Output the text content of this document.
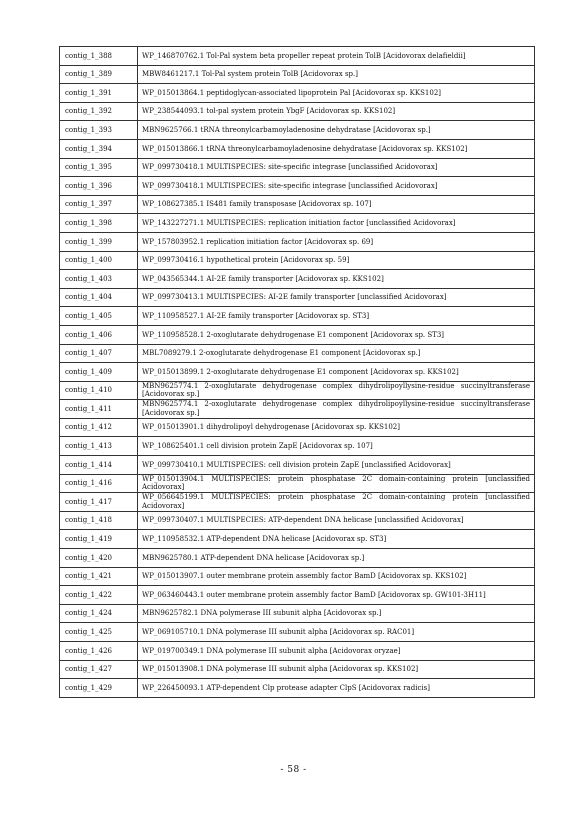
contig_1_388	WP_146870762.1 Tol-Pal system beta propeller repeat protein TolB [Acidovorax delafieldii]
contig_1_389	MBW8461217.1 Tol-Pal system protein TolB [Acidovorax sp.]
contig_1_391	WP_015013864.1 peptidoglycan-associated lipoprotein Pal [Acidovorax sp. KKS102]
contig_1_392	WP_238544093.1 tol-pal system protein YbgF [Acidovorax sp. KKS102]
contig_1_393	MBN9625766.1 tRNA threonylcarbamoyladenosine dehydratase [Acidovorax sp.]
contig_1_394	WP_015013866.1 tRNA threonylcarbamoyladenosine dehydratase [Acidovorax sp. KKS102]
contig_1_395	WP_099730418.1 MULTISPECIES: site-specific integrase [unclassified Acidovorax]
contig_1_396	WP_099730418.1 MULTISPECIES: site-specific integrase [unclassified Acidovorax]
contig_1_397	WP_108627385.1 IS481 family transposase [Acidovorax sp. 107]
contig_1_398	WP_143227271.1 MULTISPECIES: replication initiation factor [unclassified Acidovorax]
contig_1_399	WP_157803952.1 replication initiation factor [Acidovorax sp. 69]
contig_1_400	WP_099730416.1 hypothetical protein [Acidovorax sp. 59]
contig_1_403	WP_043565344.1 AI-2E family transporter [Acidovorax sp. KKS102]
contig_1_404	WP_099730413.1 MULTISPECIES: AI-2E family transporter [unclassified Acidovorax]
contig_1_405	WP_110958527.1 AI-2E family transporter [Acidovorax sp. ST3]
contig_1_406	WP_110958528.1 2-oxoglutarate dehydrogenase E1 component [Acidovorax sp. ST3]
contig_1_407	MBL7089279.1 2-oxoglutarate dehydrogenase E1 component [Acidovorax sp.]
contig_1_409	WP_015013899.1 2-oxoglutarate dehydrogenase E1 component [Acidovorax sp. KKS102]
contig_1_410	MBN9625774.1 2-oxoglutarate dehydrogenase complex dihydrolipoyllysine-residue succinyltransferase [Acidovorax sp.]
contig_1_411	MBN9625774.1 2-oxoglutarate dehydrogenase complex dihydrolipoyllysine-residue succinyltransferase [Acidovorax sp.]
contig_1_412	WP_015013901.1 dihydrolipoyl dehydrogenase [Acidovorax sp. KKS102]
contig_1_413	WP_108625401.1 cell division protein ZapE [Acidovorax sp. 107]
contig_1_414	WP_099730410.1 MULTISPECIES: cell division protein ZapE [unclassified Acidovorax]
contig_1_416	WP_015013904.1 MULTISPECIES: protein phosphatase 2C domain-containing protein [unclassified Acidovorax]
contig_1_417	WP_056645199.1 MULTISPECIES: protein phosphatase 2C domain-containing protein [unclassified Acidovorax]
contig_1_418	WP_099730407.1 MULTISPECIES: ATP-dependent DNA helicase [unclassified Acidovorax]
contig_1_419	WP_110958532.1 ATP-dependent DNA helicase [Acidovorax sp. ST3]
contig_1_420	MBN9625780.1 ATP-dependent DNA helicase [Acidovorax sp.]
contig_1_421	WP_015013907.1 outer membrane protein assembly factor BamD [Acidovorax sp. KKS102]
contig_1_422	WP_063460443.1 outer membrane protein assembly factor BamD [Acidovorax sp. GW101-3H11]
contig_1_424	MBN9625782.1 DNA polymerase III subunit alpha [Acidovorax sp.]
contig_1_425	WP_069105710.1 DNA polymerase III subunit alpha [Acidovorax sp. RAC01]
contig_1_426	WP_019700349.1 DNA polymerase III subunit alpha [Acidovorax oryzae]
contig_1_427	WP_015013908.1 DNA polymerase III subunit alpha [Acidovorax sp. KKS102]
contig_1_429	WP_226450093.1 ATP-dependent Clp protease adapter ClpS [Acidovorax radicis]
- 58 -
